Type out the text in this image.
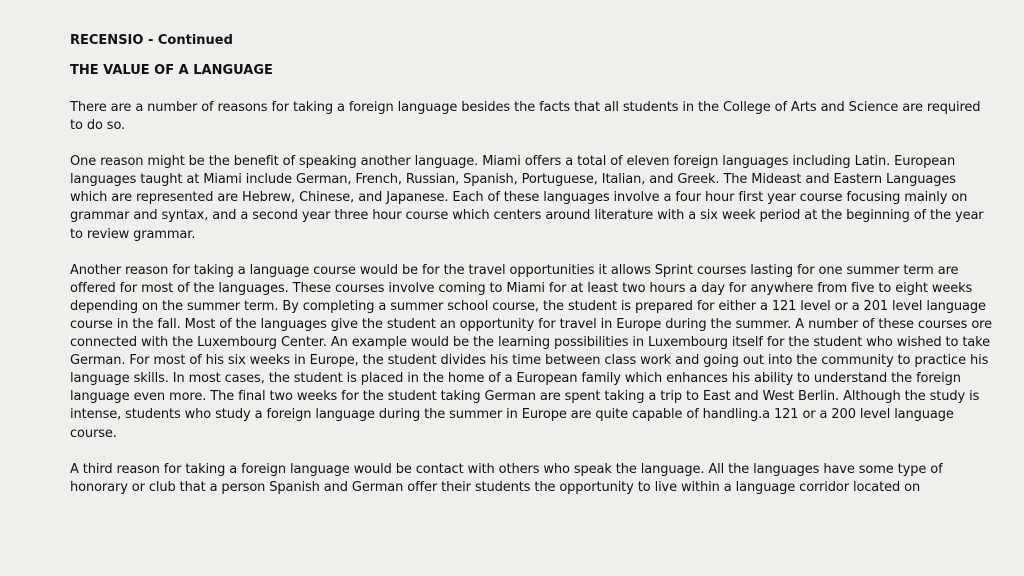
RECENSIO - Continued

THE VALUE OF A LANGUAGE

There are a number of reasons for taking a foreign language besides the facts that all students in the College of Arts and Science are required to do so.

One reason might be the benefit of speaking another language. Miami offers a total of eleven foreign languages including Latin. European languages taught at Miami include German, French, Russian, Spanish, Portuguese, Italian, and Greek. The Mideast and Eastern Languages which are represented are Hebrew, Chinese, and Japanese. Each of these languages involve a four hour first year course focusing mainly on grammar and syntax, and a second year three hour course which centers around literature with a six week period at the beginning of the year to review grammar.

Another reason for taking a language course would be for the travel opportunities it allows Sprint courses lasting for one summer term are offered for most of the languages. These courses involve coming to Miami for at least two hours a day for anywhere from five to eight weeks depending on the summer term. By completing a summer school course, the student is prepared for either a 121 level or a 201 level language course in the fall. Most of the languages give the student an opportunity for travel in Europe during the summer. A number of these courses ore connected with the Luxembourg Center. An example would be the learning possibilities in Luxembourg itself for the student who wished to take German. For most of his six weeks in Europe, the student divides his time between class work and going out into the community to practice his language skills. In most cases, the student is placed in the home of a European family which enhances his ability to understand the foreign language even more. The final two weeks for the student taking German are spent taking a trip to East and West Berlin. Although the study is intense, students who study a foreign language during the summer in Europe are quite capable of handling.a 121 or a 200 level language course.

A third reason for taking a foreign language would be contact with others who speak the language. All the languages have some type of honorary or club that a person Spanish and German offer their students the opportunity to live within a language corridor located on
